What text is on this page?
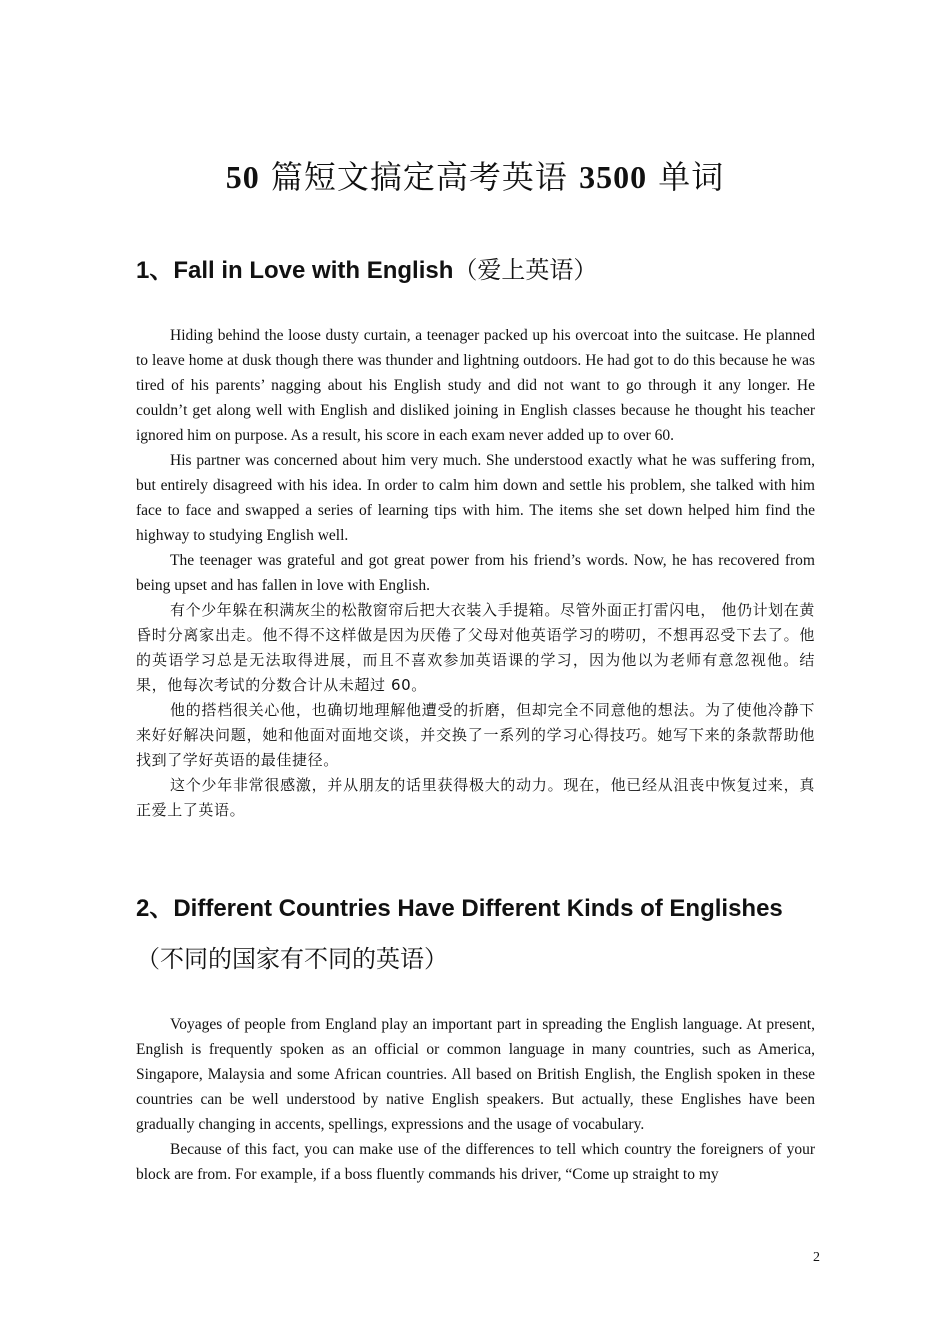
50 篇短文搞定高考英语 3500 单词
1、Fall in Love with English（爱上英语）

Hiding behind the loose dusty curtain, a teenager packed up his overcoat into the suitcase. He planned to leave home at dusk though there was thunder and lightning outdoors. He had got to do this because he was tired of his parents’ nagging about his English study and did not want to go through it any longer. He couldn’t get along well with English and disliked joining in English classes because he thought his teacher ignored him on purpose. As a result, his score in each exam never added up to over 60.

His partner was concerned about him very much. She understood exactly what he was suffering from, but entirely disagreed with his idea. In order to calm him down and settle his problem, she talked with him face to face and swapped a series of learning tips with him. The items she set down helped him find the highway to studying English well.

The teenager was grateful and got great power from his friend’s words. Now, he has recovered from being upset and has fallen in love with English.

有个少年躲在积满灰尘的松散窗帘后把大衣装入手提箱。尽管外面正打雷闪电， 他仍计划在黄昏时分离家出走。他不得不这样做是因为厌倦了父母对他英语学习的唠叨，不想再忍受下去了。他的英语学习总是无法取得进展，而且不喜欢参加英语课的学习，因为他以为老师有意忽视他。结果，他每次考试的分数合计从未超过 60。

他的搭档很关心他，也确切地理解他遭受的折磨，但却完全不同意他的想法。为了使他冷静下来好好解决问题，她和他面对面地交谈，并交换了一系列的学习心得技巧。她写下来的条款帮助他找到了学好英语的最佳捷径。

这个少年非常很感激，并从朋友的话里获得极大的动力。现在，他已经从沮丧中恢复过来，真正爱上了英语。

2、Different Countries Have Different Kinds of Englishes
（不同的国家有不同的英语）

Voyages of people from England play an important part in spreading the English language. At present, English is frequently spoken as an official or common language in many countries, such as America, Singapore, Malaysia and some African countries. All based on British English, the English spoken in these countries can be well understood by native English speakers. But actually, these Englishes have been gradually changing in accents, spellings, expressions and the usage of vocabulary.

Because of this fact, you can make use of the differences to tell which country the foreigners of your block are from. For example, if a boss fluently commands his driver, “Come up straight to my

2
